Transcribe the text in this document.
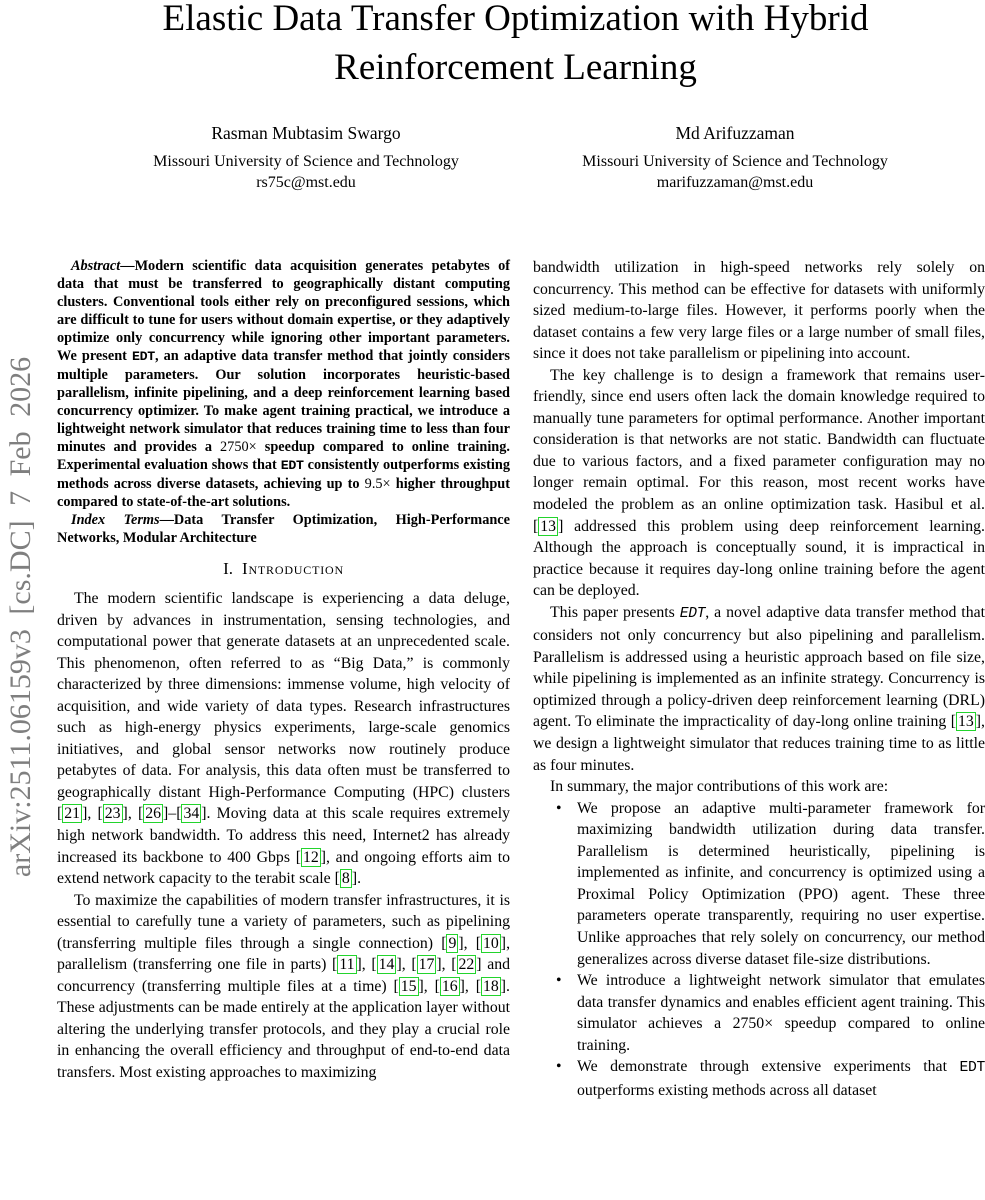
arXiv:2511.06159v3 [cs.DC] 7 Feb 2026
Elastic Data Transfer Optimization with Hybrid
Reinforcement Learning
Rasman Mubtasim Swargo
Missouri University of Science and Technology
rs75c@mst.edu
Md Arifuzzaman
Missouri University of Science and Technology
marifuzzaman@mst.edu

Abstract—Modern scientific data acquisition generates petabytes of data that must be transferred to geographically distant computing clusters. Conventional tools either rely on preconfigured sessions, which are difficult to tune for users without domain expertise, or they adaptively optimize only concurrency while ignoring other important parameters. We present EDT, an adaptive data transfer method that jointly considers multiple parameters. Our solution incorporates heuristic-based parallelism, infinite pipelining, and a deep reinforcement learning based concurrency optimizer. To make agent training practical, we introduce a lightweight network simulator that reduces training time to less than four minutes and provides a 2750× speedup compared to online training. Experimental evaluation shows that EDT consistently outperforms existing methods across diverse datasets, achieving up to 9.5× higher throughput compared to state-of-the-art solutions.

Index Terms—Data Transfer Optimization, High-Performance Networks, Modular Architecture

I. Introduction

The modern scientific landscape is experiencing a data deluge, driven by advances in instrumentation, sensing technologies, and computational power that generate datasets at an unprecedented scale. This phenomenon, often referred to as “Big Data,” is commonly characterized by three dimensions: immense volume, high velocity of acquisition, and wide variety of data types. Research infrastructures such as high-energy physics experiments, large-scale genomics initiatives, and global sensor networks now routinely produce petabytes of data. For analysis, this data often must be transferred to geographically distant High-Performance Computing (HPC) clusters [ 21 ], [ 23 ], [ 26 ]–[ 34 ]. Moving data at this scale requires extremely high network bandwidth. To address this need, Internet2 has already increased its backbone to 400 Gbps [ 12 ], and ongoing efforts aim to extend network capacity to the terabit scale [ 8 ].

To maximize the capabilities of modern transfer infrastructures, it is essential to carefully tune a variety of parameters, such as pipelining (transferring multiple files through a single connection) [ 9 ], [ 10 ], parallelism (transferring one file in parts) [ 11 ], [ 14 ], [ 17 ], [ 22 ] and concurrency (transferring multiple files at a time) [ 15 ], [ 16 ], [ 18 ]. These adjustments can be made entirely at the application layer without altering the underlying transfer protocols, and they play a crucial role in enhancing the overall efficiency and throughput of end-to-end data transfers. Most existing approaches to maximizing

bandwidth utilization in high-speed networks rely solely on concurrency. This method can be effective for datasets with uniformly sized medium-to-large files. However, it performs poorly when the dataset contains a few very large files or a large number of small files, since it does not take parallelism or pipelining into account.

The key challenge is to design a framework that remains user-friendly, since end users often lack the domain knowledge required to manually tune parameters for optimal performance. Another important consideration is that networks are not static. Bandwidth can fluctuate due to various factors, and a fixed parameter configuration may no longer remain optimal. For this reason, most recent works have modeled the problem as an online optimization task. Hasibul et al. [ 13 ] addressed this problem using deep reinforcement learning. Although the approach is conceptually sound, it is impractical in practice because it requires day-long online training before the agent can be deployed.

This paper presents EDT, a novel adaptive data transfer method that considers not only concurrency but also pipelining and parallelism. Parallelism is addressed using a heuristic approach based on file size, while pipelining is implemented as an infinite strategy. Concurrency is optimized through a policy-driven deep reinforcement learning (DRL) agent. To eliminate the impracticality of day-long online training [ 13 ], we design a lightweight simulator that reduces training time to as little as four minutes.

In summary, the major contributions of this work are:

• We propose an adaptive multi-parameter framework for maximizing bandwidth utilization during data transfer. Parallelism is determined heuristically, pipelining is implemented as infinite, and concurrency is optimized using a Proximal Policy Optimization (PPO) agent. These three parameters operate transparently, requiring no user expertise. Unlike approaches that rely solely on concurrency, our method generalizes across diverse dataset file-size distributions.
• We introduce a lightweight network simulator that emulates data transfer dynamics and enables efficient agent training. This simulator achieves a 2750× speedup compared to online training.
• We demonstrate through extensive experiments that EDT outperforms existing methods across all dataset
